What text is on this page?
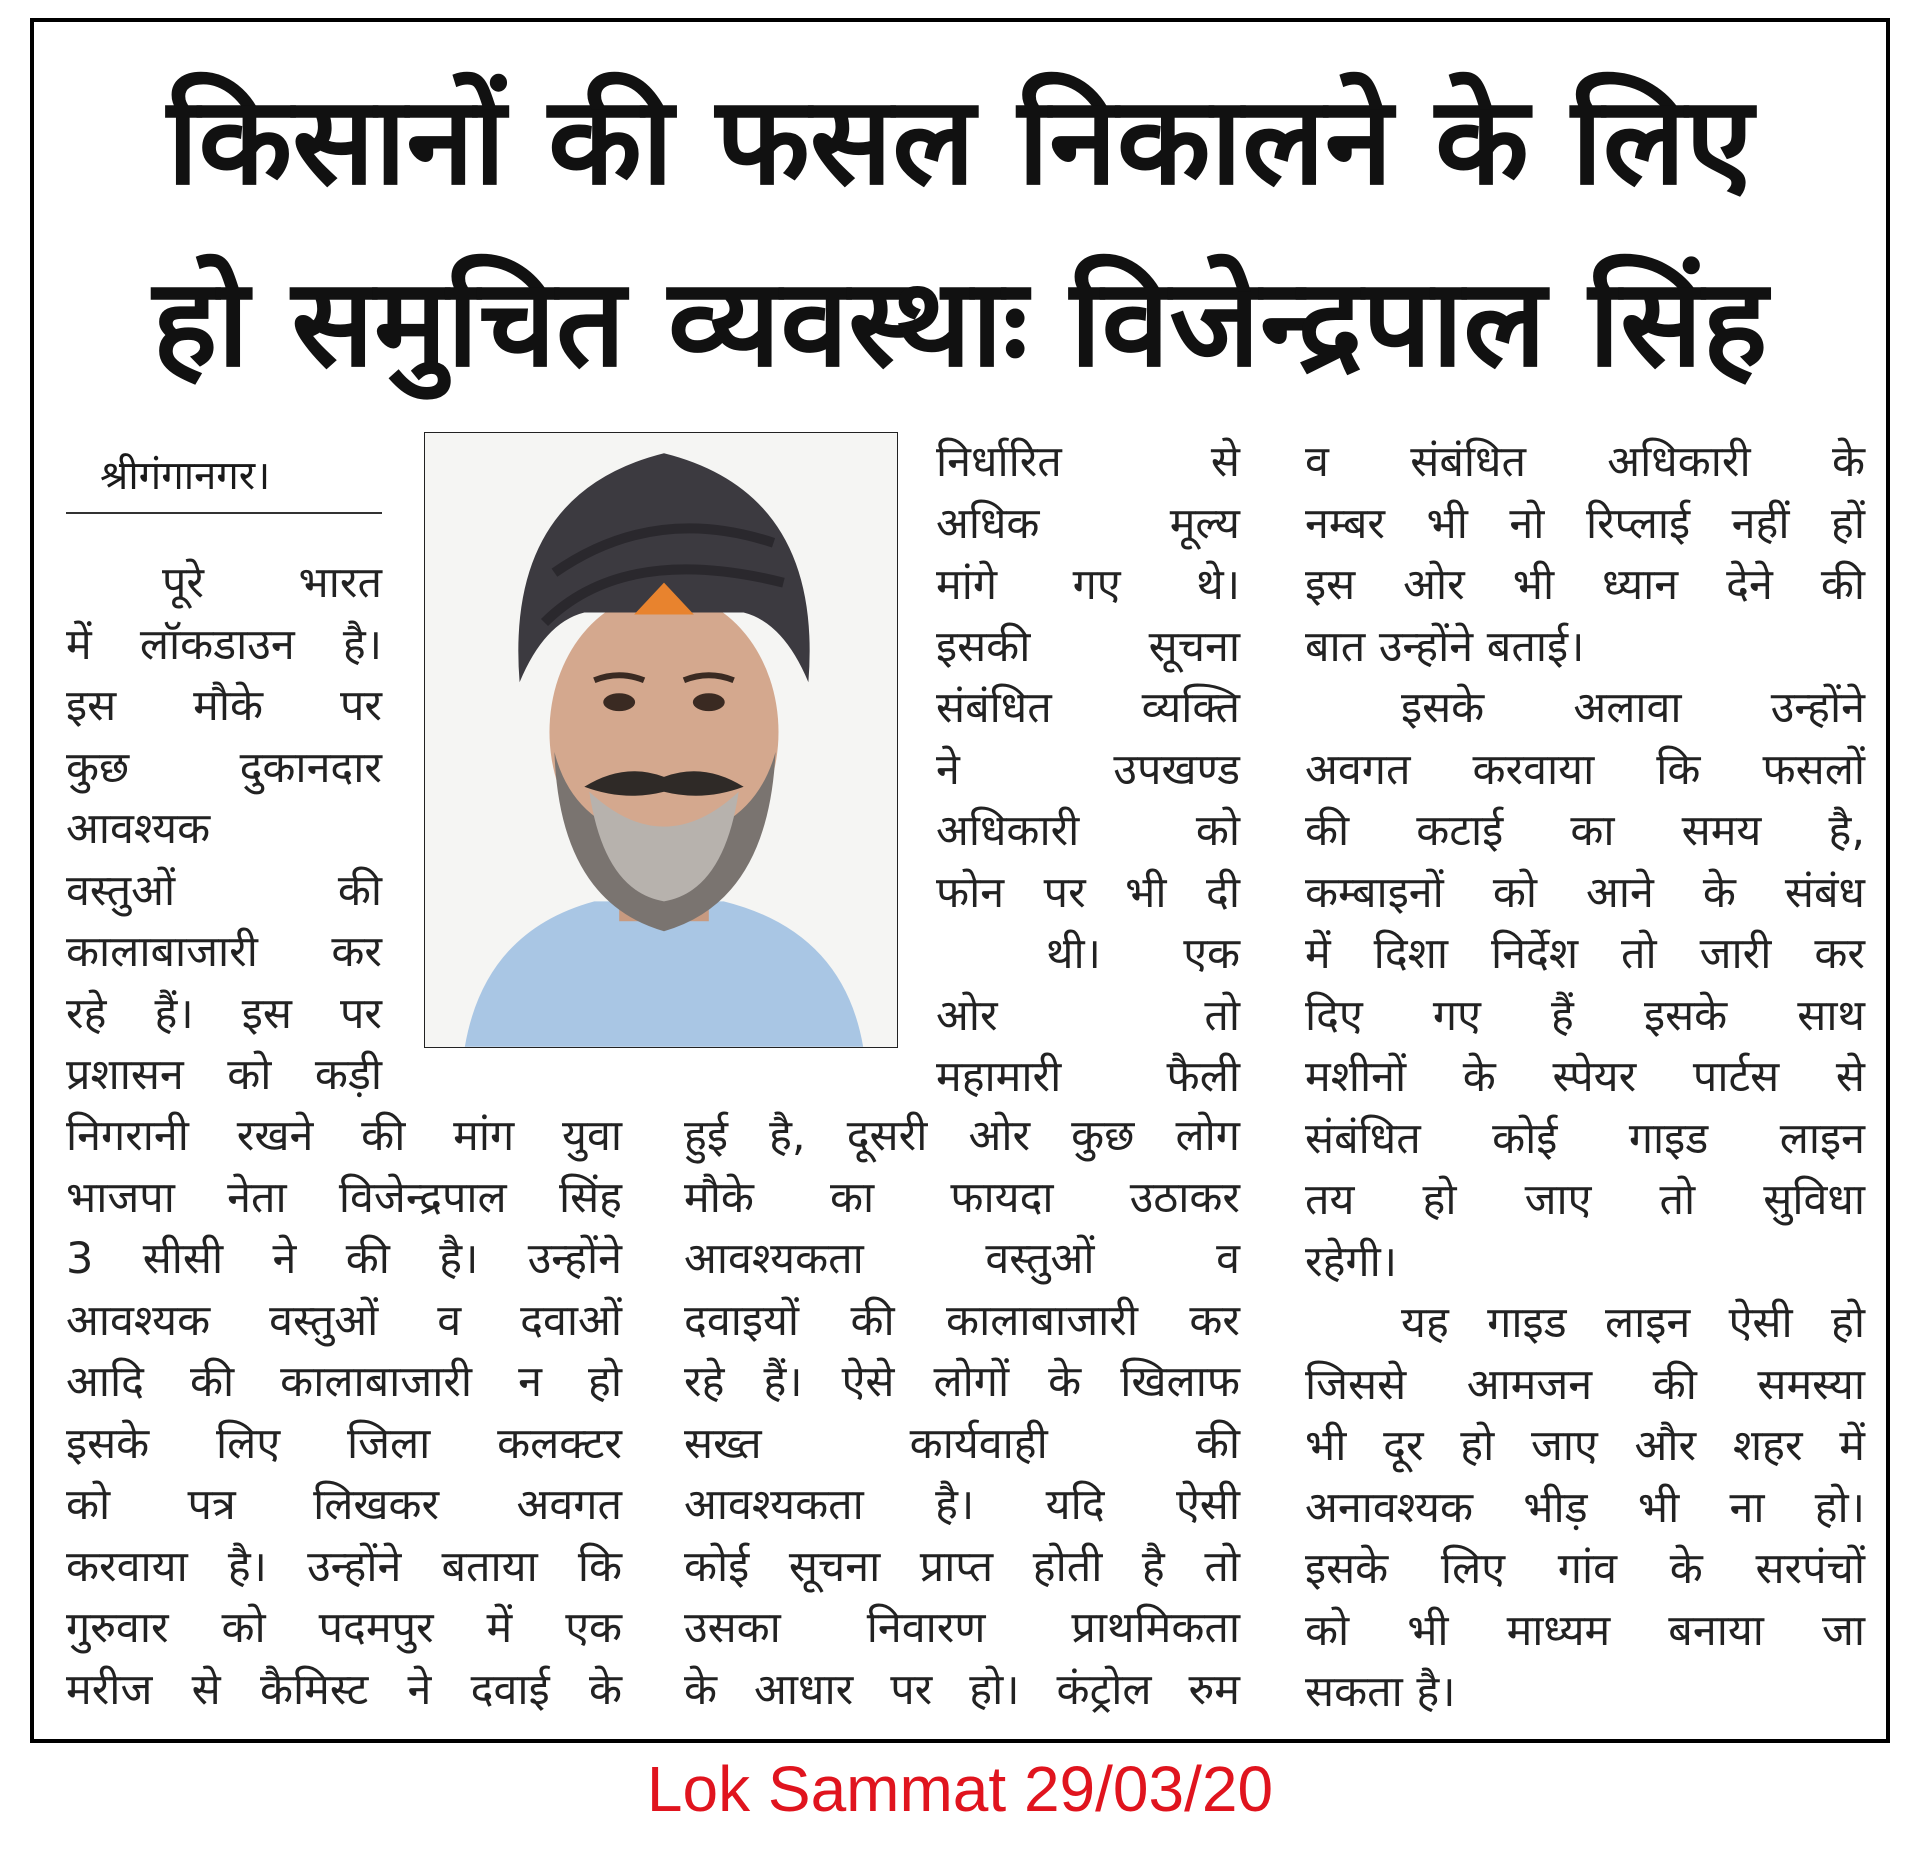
किसानों की फसल निकालने के लिए
हो समुचित व्यवस्थाः विजेन्द्रपाल सिंह
श्रीगंगानगर।

पूरे भारत

में लॉकडाउन है।

इस मौके पर

कुछ दुकानदार

आवश्यक

वस्तुओं की

कालाबाजारी कर

रहे हैं। इस पर

प्रशासन को कड़ी

निगरानी रखने की मांग युवा

भाजपा नेता विजेन्द्रपाल सिंह

3 सीसी ने की है। उन्होंने

आवश्यक वस्तुओं व दवाओं

आदि की कालाबाजारी न हो

इसके लिए जिला कलक्टर

को पत्र लिखकर अवगत

करवाया है। उन्होंने बताया कि

गुरुवार को पदमपुर में एक

मरीज से कैमिस्ट ने दवाई के

निर्धारित से

अधिक मूल्य

मांगे गए थे।

इसकी सूचना

संबंधित व्यक्ति

ने उपखण्ड

अधिकारी को

फोन पर भी दी

थी। एक

ओर तो

महामारी फैली

हुई है, दूसरी ओर कुछ लोग

मौके का फायदा उठाकर

आवश्यकता वस्तुओं व

दवाइयों की कालाबाजारी कर

रहे हैं। ऐसे लोगों के खिलाफ

सख्त कार्यवाही की

आवश्यकता है। यदि ऐसी

कोई सूचना प्राप्त होती है तो

उसका निवारण प्राथमिकता

के आधार पर हो। कंट्रोल रुम

व संबंधित अधिकारी के

नम्बर भी नो रिप्लाई नहीं हों

इस ओर भी ध्यान देने की

बात उन्होंने बताई।

इसके अलावा उन्होंने

अवगत करवाया कि फसलों

की कटाई का समय है,

कम्बाइनों को आने के संबंध

में दिशा निर्देश तो जारी कर

दिए गए हैं इसके साथ

मशीनों के स्पेयर पार्टस से

संबंधित कोई गाइड लाइन

तय हो जाए तो सुविधा

रहेगी।

यह गाइड लाइन ऐसी हो

जिससे आमजन की समस्या

भी दूर हो जाए और शहर में

अनावश्यक भीड़ भी ना हो।

इसके लिए गांव के सरपंचों

को भी माध्यम बनाया जा

सकता है।

Lok Sammat 29/03/20
